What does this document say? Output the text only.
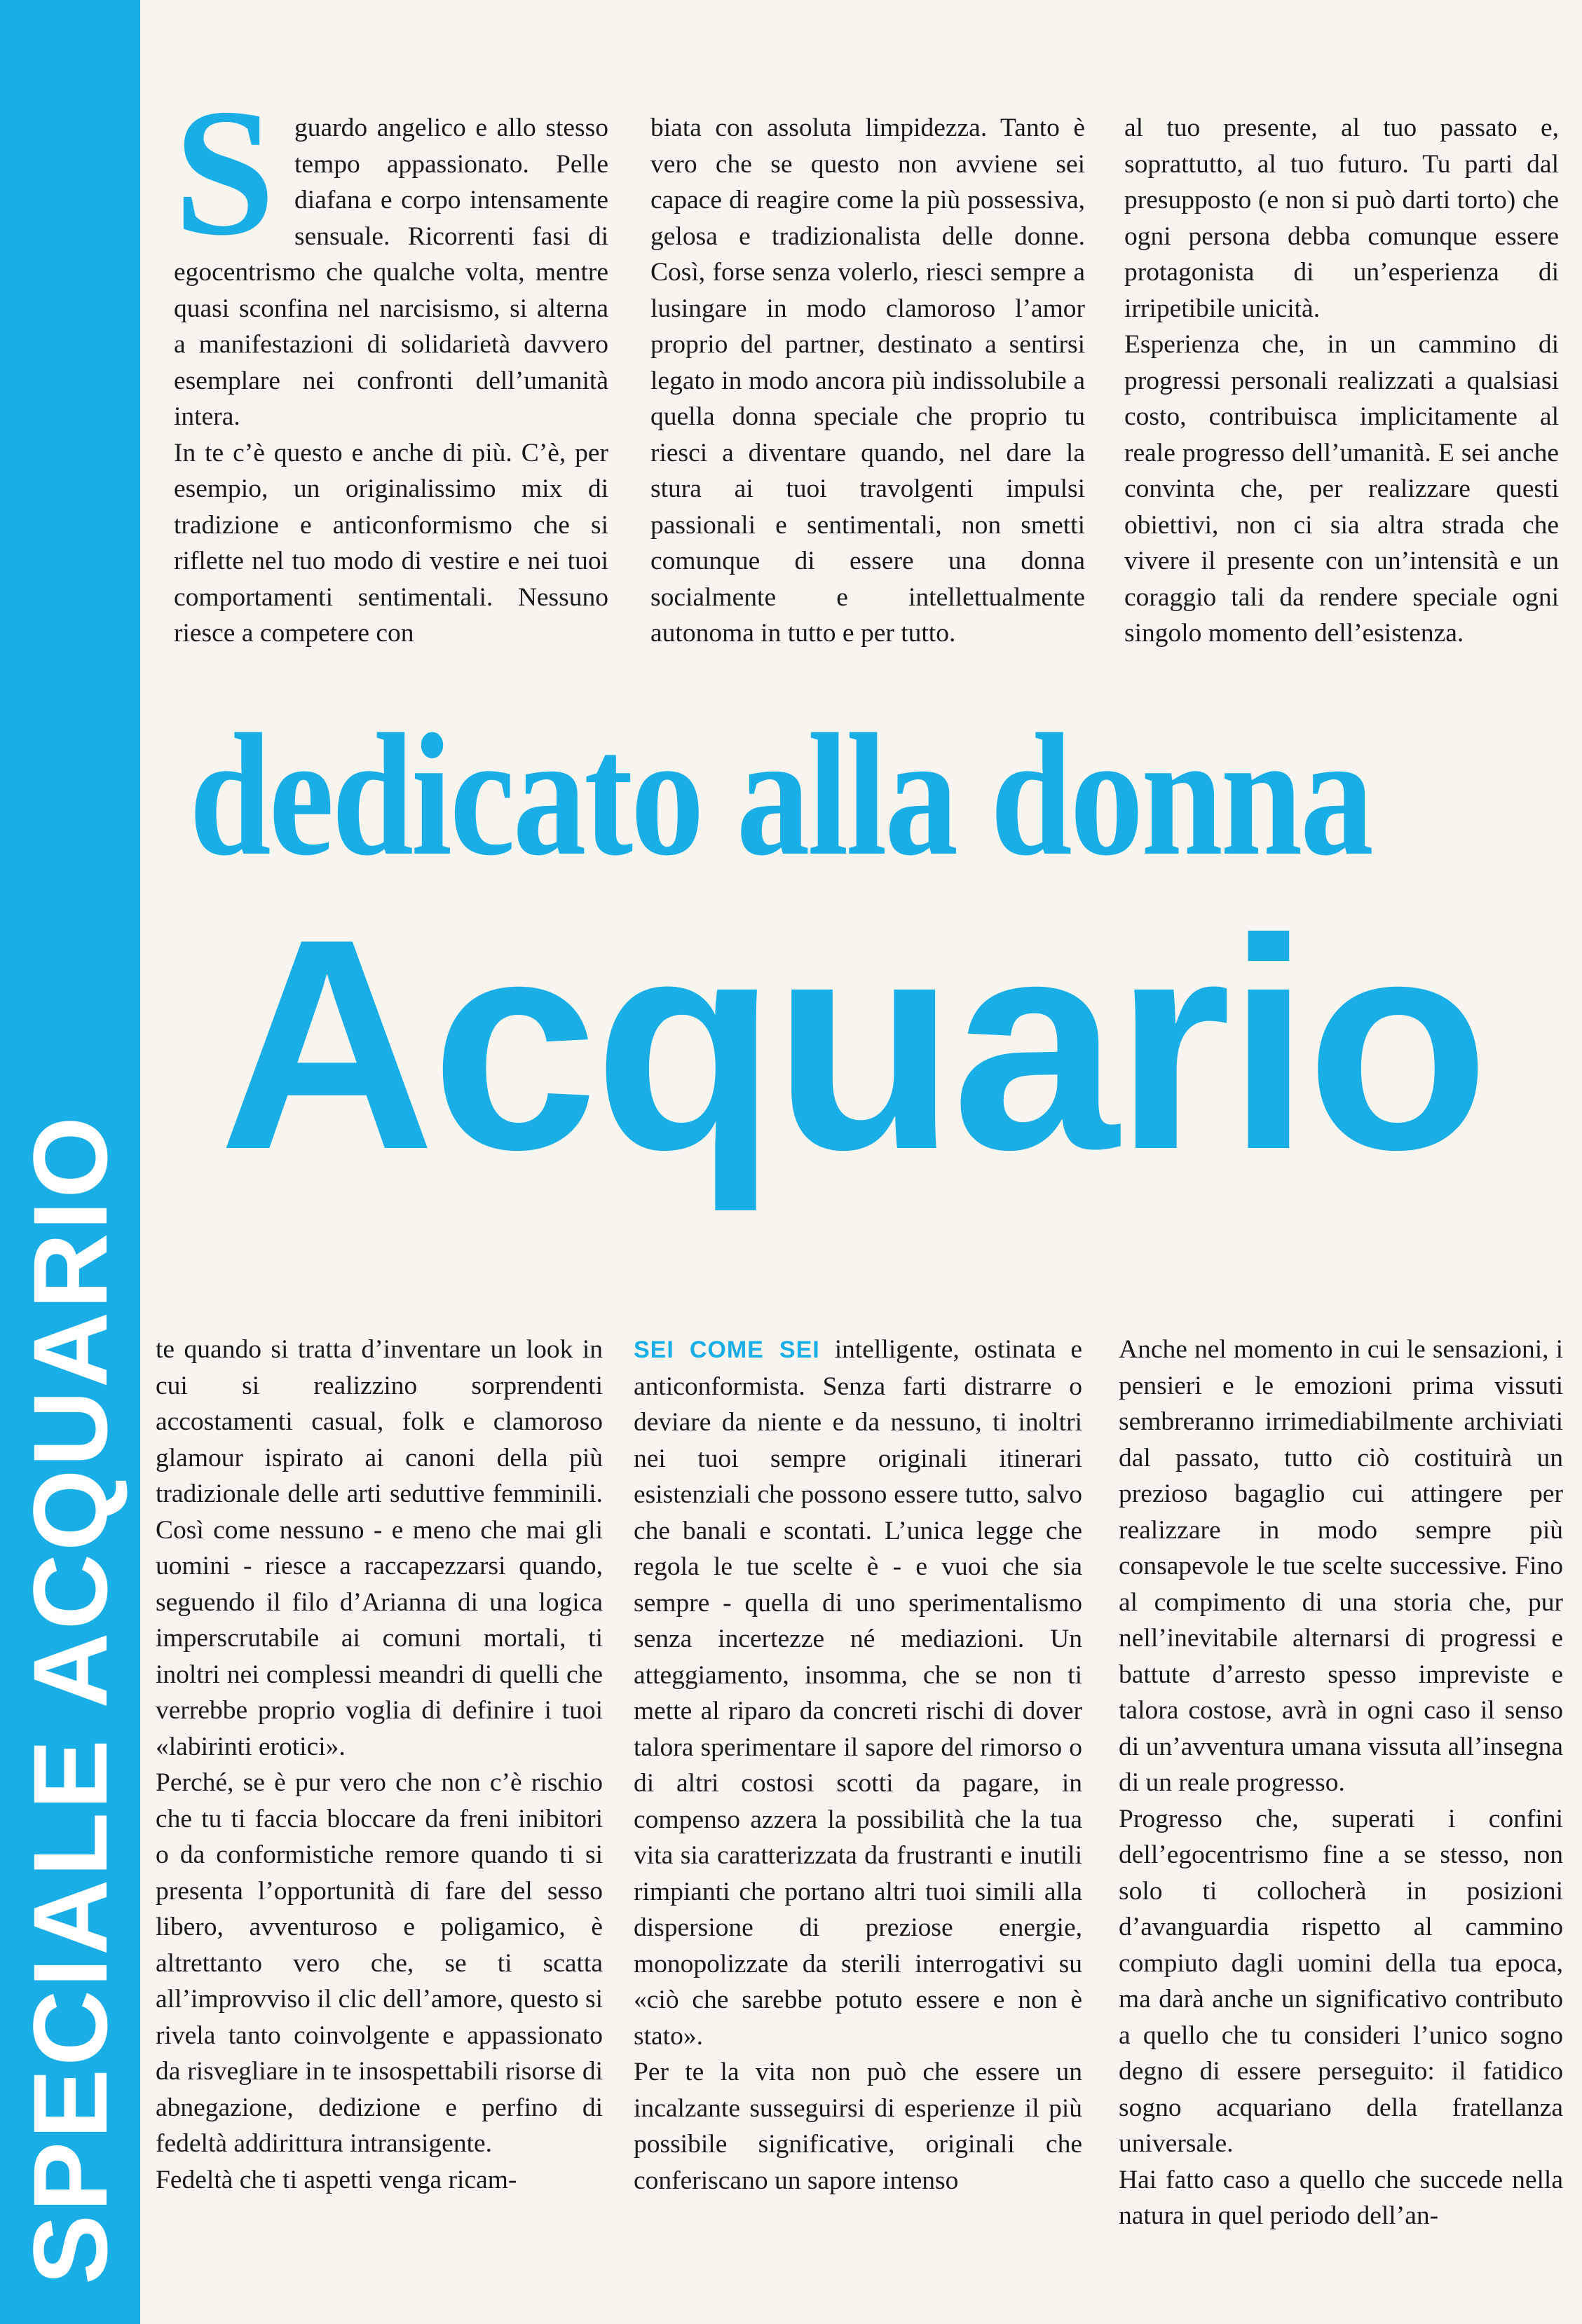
SPECIALE ACQUARIO

Sguardo angelico e allo stesso tempo appassionato. Pelle diafana e corpo intensamente sensuale. Ricorrenti fasi di egocentrismo che qualche volta, mentre quasi sconfina nel narcisismo, si alterna a manifestazioni di solidarietà davvero esemplare nei confronti dell’umanità intera.

In te c’è questo e anche di più. C’è, per esempio, un originalissimo mix di tradizione e anticonformismo che si riflette nel tuo modo di vestire e nei tuoi comportamenti sentimentali. Nessuno riesce a competere con

biata con assoluta limpidezza. Tanto è vero che se questo non avviene sei capace di reagire come la più possessiva, gelosa e tradizionalista delle donne. Così, forse senza volerlo, riesci sempre a lusingare in modo clamoroso l’amor proprio del partner, destinato a sentirsi legato in modo ancora più indissolubile a quella donna speciale che proprio tu riesci a diventare quando, nel dare la stura ai tuoi travolgenti impulsi passionali e sentimentali, non smetti comunque di essere una donna socialmente e intellettualmente autonoma in tutto e per tutto.

al tuo presente, al tuo passato e, soprattutto, al tuo futuro. Tu parti dal presupposto (e non si può darti torto) che ogni persona debba comunque essere protagonista di un’esperienza di irripetibile unicità.

Esperienza che, in un cammino di progressi personali realizzati a qualsiasi costo, contribuisca implicitamente al reale progresso dell’umanità. E sei anche convinta che, per realizzare questi obiettivi, non ci sia altra strada che vivere il presente con un’intensità e un coraggio tali da rendere speciale ogni singolo momento dell’esistenza.

dedicato alla donna
Acquario

te quando si tratta d’inventare un look in cui si realizzino sorprendenti accostamenti casual, folk e clamoroso glamour ispirato ai canoni della più tradizionale delle arti seduttive femminili. Così come nessuno - e meno che mai gli uomini - riesce a raccapezzarsi quando, seguendo il filo d’Arianna di una logica imperscrutabile ai comuni mortali, ti inoltri nei complessi meandri di quelli che verrebbe proprio voglia di definire i tuoi «labirinti erotici».

Perché, se è pur vero che non c’è rischio che tu ti faccia bloccare da freni inibitori o da conformistiche remore quando ti si presenta l’opportunità di fare del sesso libero, avventuroso e poligamico, è altrettanto vero che, se ti scatta all’improvviso il clic dell’amore, questo si rivela tanto coinvolgente e appassionato da risvegliare in te insospettabili risorse di abnegazione, dedizione e perfino di fedeltà addirittura intransigente.

Fedeltà che ti aspetti venga ricam-

SEI COME SEI intelligente, ostinata e anticonformista. Senza farti distrarre o deviare da niente e da nessuno, ti inoltri nei tuoi sempre originali itinerari esistenziali che possono essere tutto, salvo che banali e scontati. L’unica legge che regola le tue scelte è - e vuoi che sia sempre - quella di uno sperimentalismo senza incertezze né mediazioni. Un atteggiamento, insomma, che se non ti mette al riparo da concreti rischi di dover talora sperimentare il sapore del rimorso o di altri costosi scotti da pagare, in compenso azzera la possibilità che la tua vita sia caratterizzata da frustranti e inutili rimpianti che portano altri tuoi simili alla dispersione di preziose energie, monopolizzate da sterili interrogativi su «ciò che sarebbe potuto essere e non è stato».

Per te la vita non può che essere un incalzante susseguirsi di esperienze il più possibile significative, originali che conferiscano un sapore intenso

Anche nel momento in cui le sensazioni, i pensieri e le emozioni prima vissuti sembreranno irrimediabilmente archiviati dal passato, tutto ciò costituirà un prezioso bagaglio cui attingere per realizzare in modo sempre più consapevole le tue scelte successive. Fino al compimento di una storia che, pur nell’inevitabile alternarsi di progressi e battute d’arresto spesso impreviste e talora costose, avrà in ogni caso il senso di un’avventura umana vissuta all’insegna di un reale progresso.

Progresso che, superati i confini dell’egocentrismo fine a se stesso, non solo ti collocherà in posizioni d’avanguardia rispetto al cammino compiuto dagli uomini della tua epoca, ma darà anche un significativo contributo a quello che tu consideri l’unico sogno degno di essere perseguito: il fatidico sogno acquariano della fratellanza universale.

Hai fatto caso a quello che succede nella natura in quel periodo dell’an-
